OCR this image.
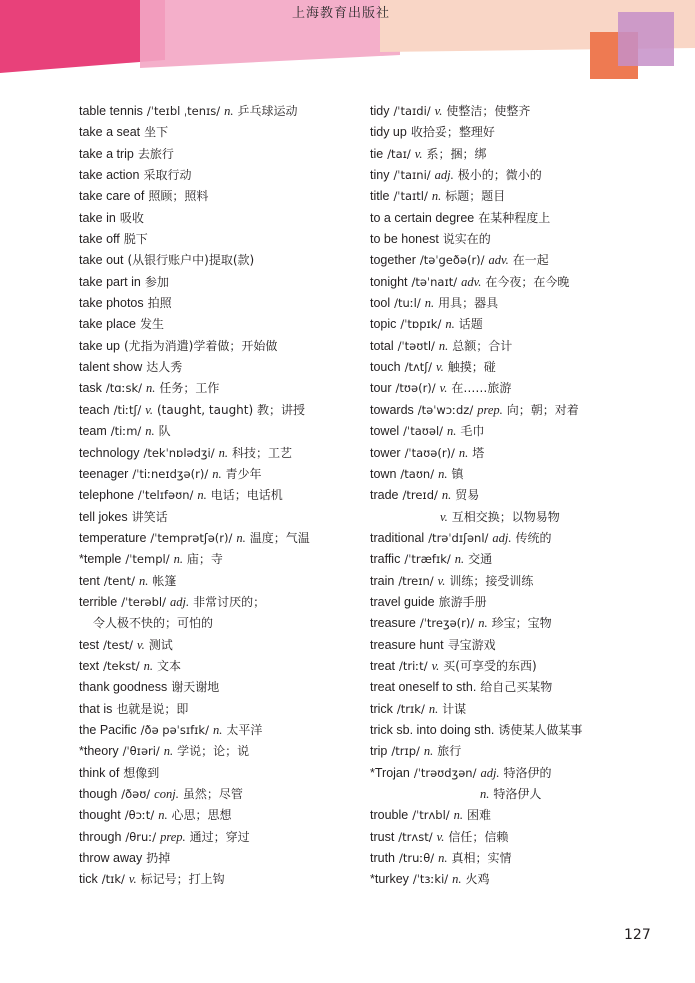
上海教育出版社
table tennis /ˈteɪbl ˌtenɪs/ n. 乒乓球运动
take a seat 坐下
take a trip 去旅行
take action 采取行动
take care of 照顾；照料
take in 吸收
take off 脱下
take out (从银行账户中)提取(款)
take part in 参加
take photos 拍照
take place 发生
take up (尤指为消遣)学着做；开始做
talent show 达人秀
task /tɑːsk/ n. 任务；工作
teach /tiːtʃ/ v. (taught, taught) 教；讲授
team /tiːm/ n. 队
technology /tekˈnɒlədʒi/ n. 科技；工艺
teenager /ˈtiːneɪdʒə(r)/ n. 青少年
telephone /ˈtelɪfəʊn/ n. 电话；电话机
tell jokes 讲笑话
temperature /ˈtemprətʃə(r)/ n. 温度；气温
*temple /ˈtempl/ n. 庙；寺
tent /tent/ n. 帐篷
terrible /ˈterəbl/ adj. 非常讨厌的；
令人极不快的；可怕的
test /test/ v. 测试
text /tekst/ n. 文本
thank goodness 谢天谢地
that is 也就是说；即
the Pacific /ðə pəˈsɪfɪk/ n. 太平洋
*theory /ˈθɪəri/ n. 学说；论；说
think of 想像到
though /ðəʊ/ conj. 虽然；尽管
thought /θɔːt/ n. 心思；思想
through /θruː/ prep. 通过；穿过
throw away 扔掉
tick /tɪk/ v. 标记号；打上钩
tidy /ˈtaɪdi/ v. 使整洁；使整齐
tidy up 收拾妥；整理好
tie /taɪ/ v. 系；捆；绑
tiny /ˈtaɪni/ adj. 极小的；微小的
title /ˈtaɪtl/ n. 标题；题目
to a certain degree 在某种程度上
to be honest 说实在的
together /təˈgeðə(r)/ adv. 在一起
tonight /təˈnaɪt/ adv. 在今夜；在今晚
tool /tuːl/ n. 用具；器具
topic /ˈtɒpɪk/ n. 话题
total /ˈtəʊtl/ n. 总额；合计
touch /tʌtʃ/ v. 触摸；碰
tour /tʊə(r)/ v. 在……旅游
towards /təˈwɔːdz/ prep. 向；朝；对着
towel /ˈtaʊəl/ n. 毛巾
tower /ˈtaʊə(r)/ n. 塔
town /taʊn/ n. 镇
trade /treɪd/ n. 贸易
v. 互相交换；以物易物
traditional /trəˈdɪʃənl/ adj. 传统的
traffic /ˈtræfɪk/ n. 交通
train /treɪn/ v. 训练；接受训练
travel guide 旅游手册
treasure /ˈtreʒə(r)/ n. 珍宝；宝物
treasure hunt 寻宝游戏
treat /triːt/ v. 买(可享受的东西)
treat oneself to sth. 给自己买某物
trick /trɪk/ n. 计谋
trick sb. into doing sth. 诱使某人做某事
trip /trɪp/ n. 旅行
*Trojan /ˈtrəʊdʒən/ adj. 特洛伊的
n. 特洛伊人
trouble /ˈtrʌbl/ n. 困难
trust /trʌst/ v. 信任；信赖
truth /truːθ/ n. 真相；实情
*turkey /ˈtɜːki/ n. 火鸡
127
